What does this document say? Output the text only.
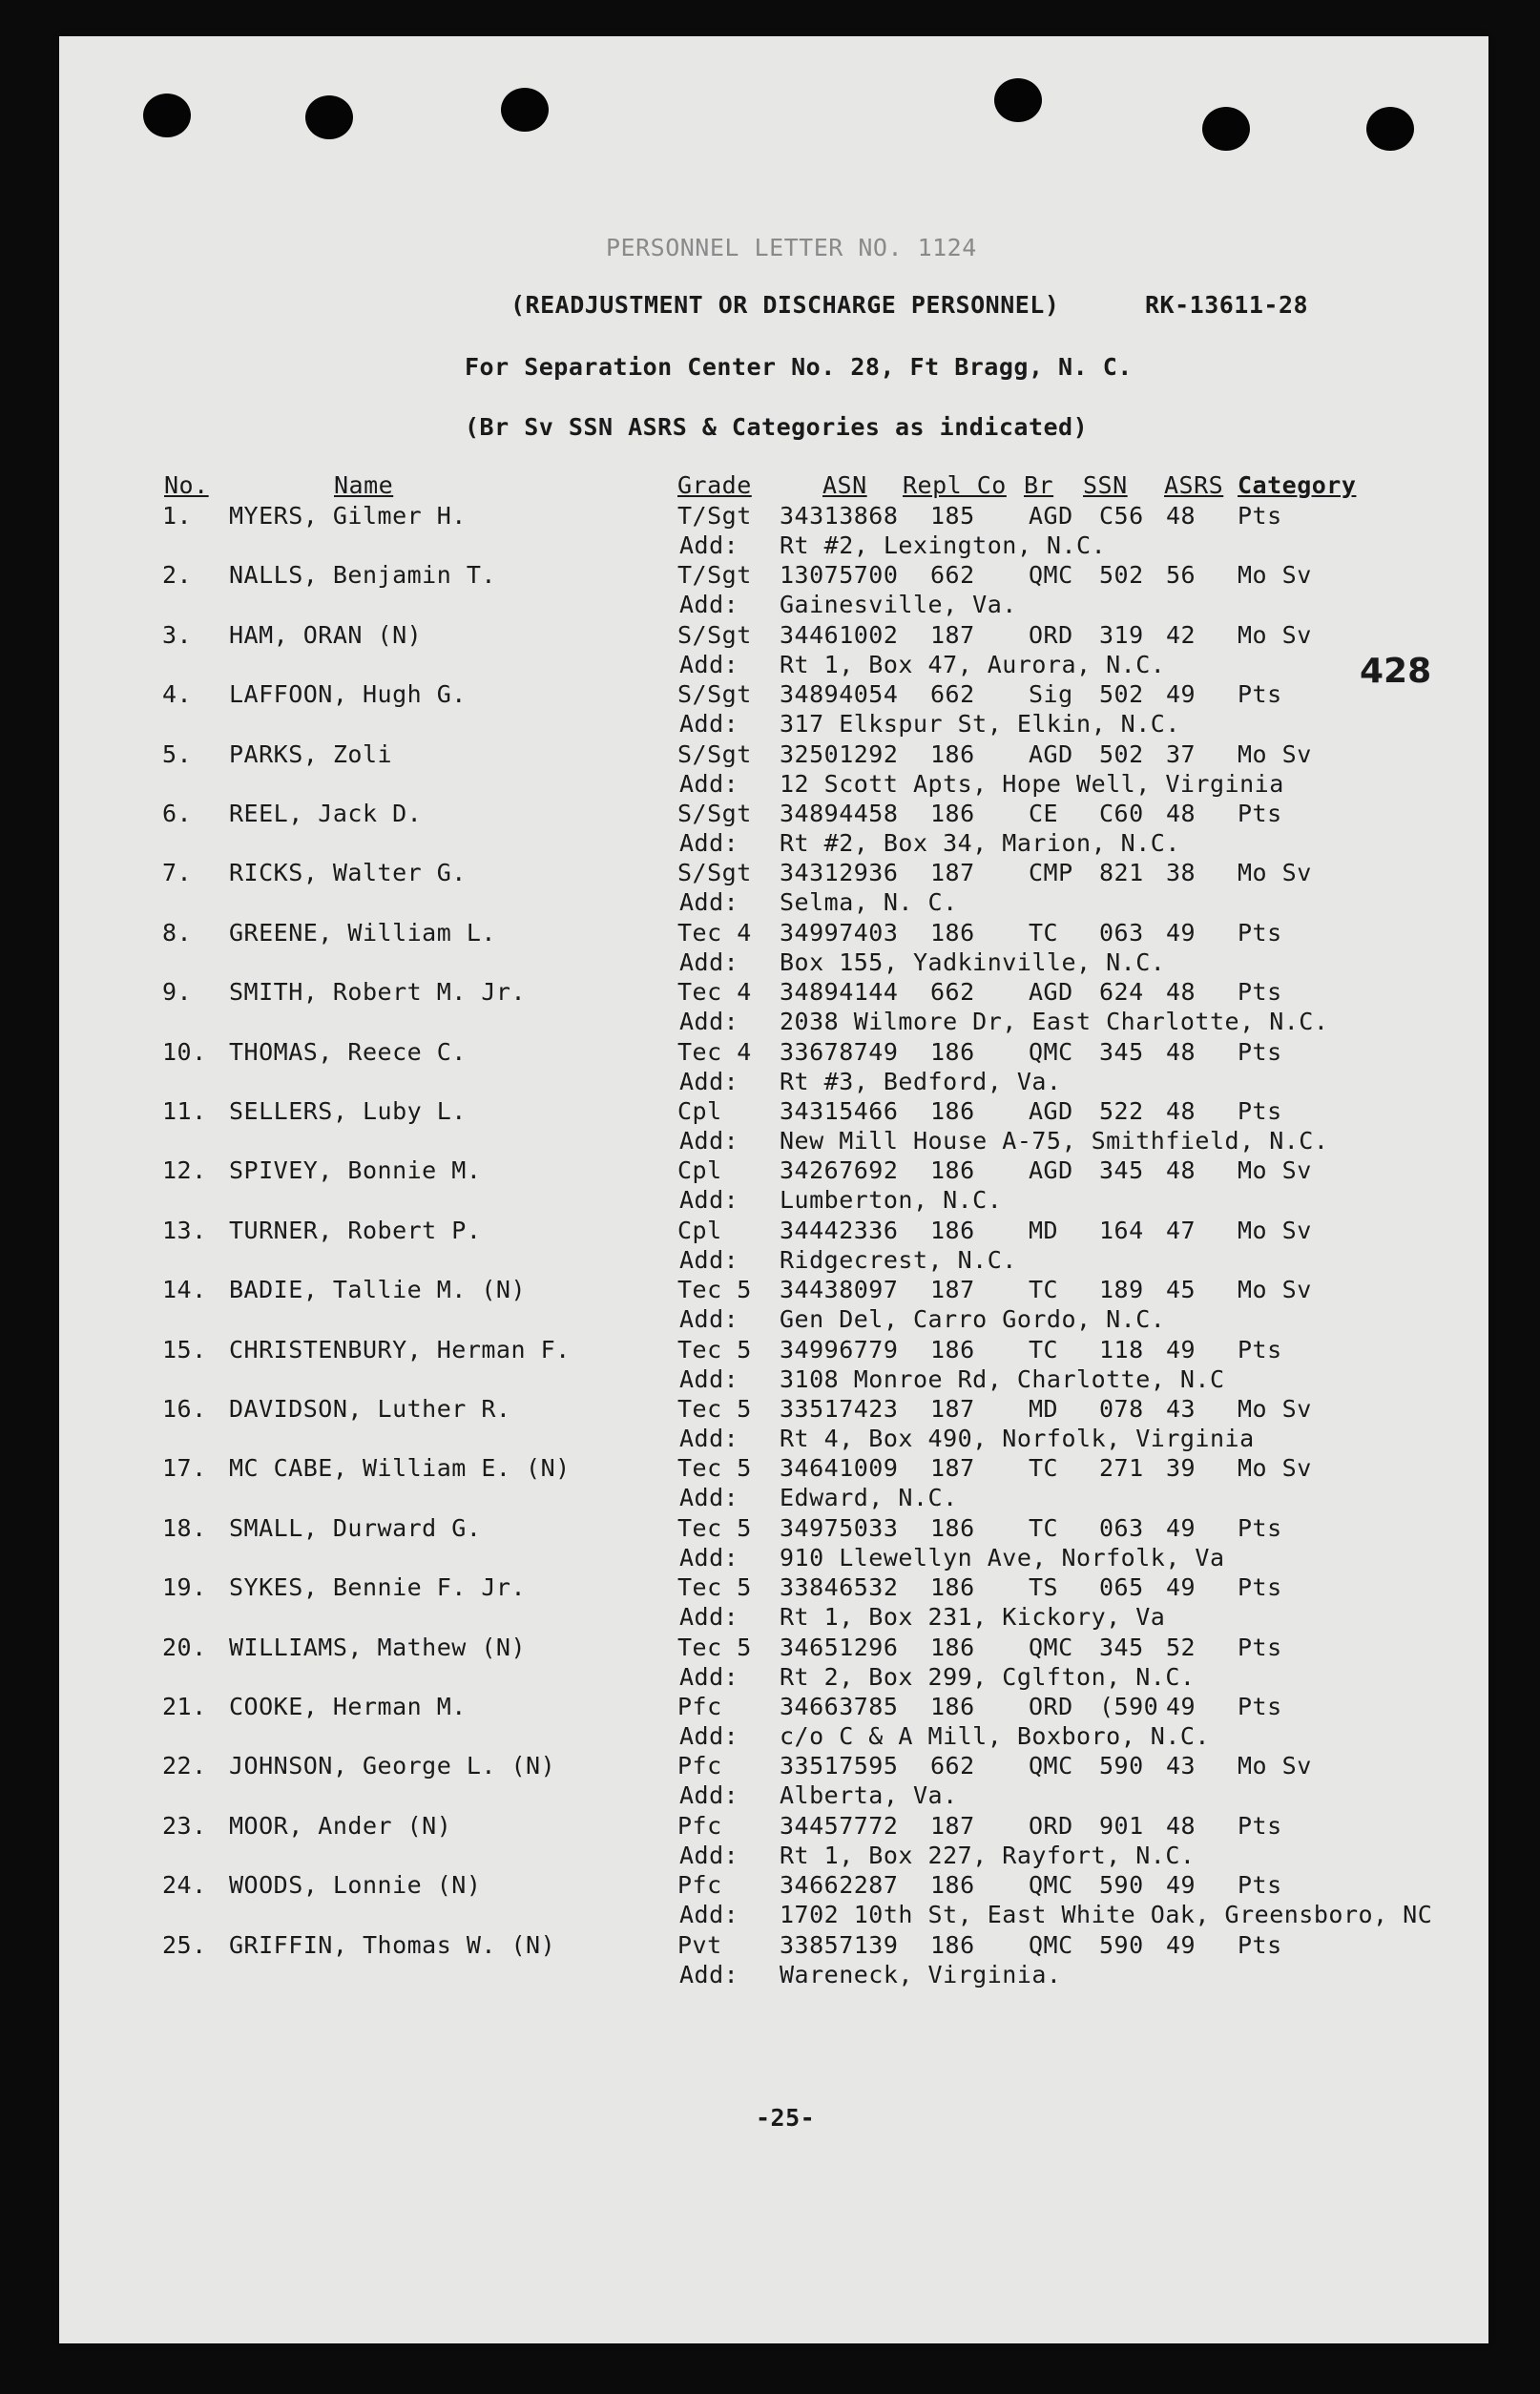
PERSONNEL LETTER NO. 1124
(READJUSTMENT OR DISCHARGE PERSONNEL)	RK-13611-28
For Separation Center No. 28, Ft Bragg, N. C.
(Br Sv SSN ASRS & Categories as indicated)
No.	Name	Grade	ASN Repl Co Br SSN ASRS Category
428
1. MYERS, Gilmer H.	T/Sgt 34313868 185 AGD C56 48 Pts
Add: Rt #2, Lexington, N.C.
2. NALLS, Benjamin T.	T/Sgt 13075700 662 QMC 502 56 Mo Sv
Add: Gainesville, Va.
3. HAM, ORAN (N)	S/Sgt 34461002 187 ORD 319 42 Mo Sv
Add: Rt 1, Box 47, Aurora, N.C.
4. LAFFOON, Hugh G.	S/Sgt 34894054 662 Sig 502 49 Pts
Add: 317 Elkspur St, Elkin, N.C.
5. PARKS, Zoli	S/Sgt 32501292 186 AGD 502 37 Mo Sv
Add: 12 Scott Apts, Hope Well, Virginia
6. REEL, Jack D.	S/Sgt 34894458 186 CE C60 48 Pts
Add: Rt #2, Box 34, Marion, N.C.
7. RICKS, Walter G.	S/Sgt 34312936 187 CMP 821 38 Mo Sv
Add: Selma, N. C.
8. GREENE, William L.	Tec 4 34997403 186 TC 063 49 Pts
Add: Box 155, Yadkinville, N.C.
9. SMITH, Robert M. Jr.	Tec 4 34894144 662 AGD 624 48 Pts
Add: 2038 Wilmore Dr, East Charlotte, N.C.
10. THOMAS, Reece C.	Tec 4 33678749 186 QMC 345 48 Pts
Add: Rt #3, Bedford, Va.
11. SELLERS, Luby L.	Cpl 34315466 186 AGD 522 48 Pts
Add: New Mill House A-75, Smithfield, N.C.
12. SPIVEY, Bonnie M.	Cpl 34267692 186 AGD 345 48 Mo Sv
Add: Lumberton, N.C.
13. TURNER, Robert P.	Cpl 34442336 186 MD 164 47 Mo Sv
Add: Ridgecrest, N.C.
14. BADIE, Tallie M. (N)	Tec 5 34438097 187 TC 189 45 Mo Sv
Add: Gen Del, Carro Gordo, N.C.
15. CHRISTENBURY, Herman F.	Tec 5 34996779 186 TC 118 49 Pts
Add: 3108 Monroe Rd, Charlotte, N.C
16. DAVIDSON, Luther R.	Tec 5 33517423 187 MD 078 43 Mo Sv
Add: Rt 4, Box 490, Norfolk, Virginia
17. MC CABE, William E. (N)	Tec 5 34641009 187 TC 271 39 Mo Sv
Add: Edward, N.C.
18. SMALL, Durward G.	Tec 5 34975033 186 TC 063 49 Pts
Add: 910 Llewellyn Ave, Norfolk, Va
19. SYKES, Bennie F. Jr.	Tec 5 33846532 186 TS 065 49 Pts
Add: Rt 1, Box 231, Kickory, Va
20. WILLIAMS, Mathew (N)	Tec 5 34651296 186 QMC 345 52 Pts
Add: Rt 2, Box 299, Cglfton, N.C.
21. COOKE, Herman M.	Pfc 34663785 186 ORD (590 49 Pts
Add: c/o C & A Mill, Boxboro, N.C.
22. JOHNSON, George L. (N)	Pfc 33517595 662 QMC 590 43 Mo Sv
Add: Alberta, Va.
23. MOOR, Ander (N)	Pfc 34457772 187 ORD 901 48 Pts
Add: Rt 1, Box 227, Rayfort, N.C.
24. WOODS, Lonnie (N)	Pfc 34662287 186 QMC 590 49 Pts
Add: 1702 10th St, East White Oak, Greensboro, NC
25. GRIFFIN, Thomas W. (N)	Pvt 33857139 186 QMC 590 49 Pts
Add: Wareneck, Virginia.
-25-
